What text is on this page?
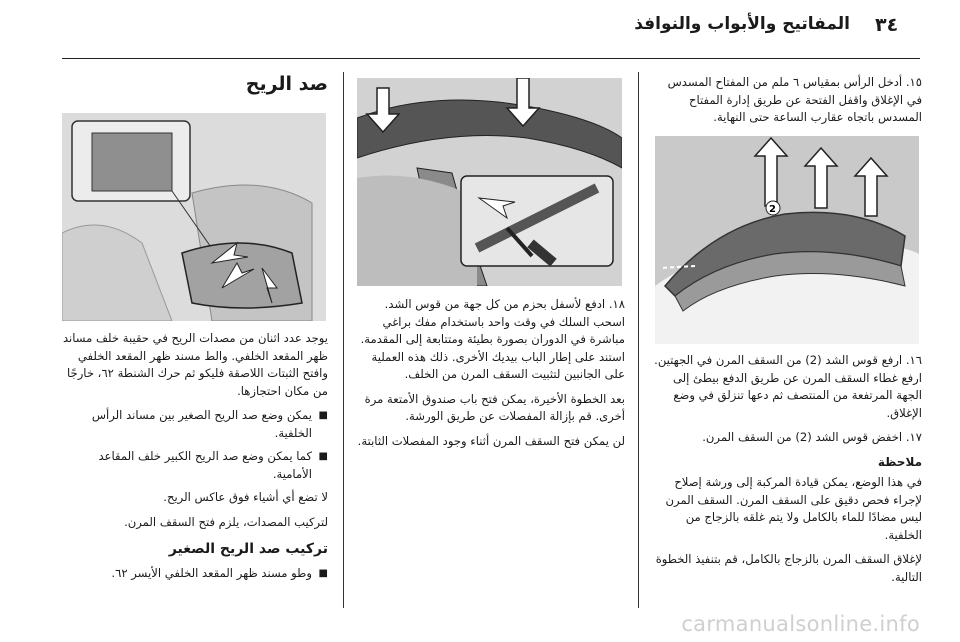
٣٤
المفاتيح والأبواب والنوافذ

١٥. أدخل الرأس بمقياس ٦ ملم من المفتاح المسدس في الإغلاق واقفل الفتحة عن طريق إدارة المفتاح المسدس باتجاه عقارب الساعة حتى النهاية.

2

١٦. ارفع قوس الشد (2) من السقف المرن في الجهتين. ارفع غطاء السقف المرن عن طريق الدفع بيطئ إلى الجهة المرتفعة من المنتصف ثم دعها تنزلق في وضع الإغلاق.

١٧. اخفض قوس الشد (2) من السقف المرن.

ملاحظة

في هذا الوضع، يمكن قيادة المركبة إلى ورشة إصلاح لإجراء فحص دقيق على السقف المرن. السقف المرن ليس مضادًا للماء بالكامل ولا يتم غلقه بالزجاج من الخلفية.

لإغلاق السقف المرن بالزجاج بالكامل، قم بتنفيذ الخطوة التالية.

١٨. ادفع لأسفل بحزم من كل جهة من قوس الشد. اسحب السلك في وقت واحد باستخدام مفك براغي مباشرة في الدوران بصورة بطيئة ومتتابعة إلى المقدمة. استند على إطار الباب بيديك الأخرى. ذلك هذه العملية على الجانبين لتثبيت السقف المرن من الخلف.

بعد الخطوة الأخيرة، يمكن فتح باب صندوق الأمتعة مرة أخرى. قم بإزالة المفصلات عن طريق الورشة.

لن يمكن فتح السقف المرن أثناء وجود المفصلات الثابتة.

صد الريح

يوجد عدد اثنان من مصدات الريح في حقيبة خلف مساند ظهر المقعد الخلفي. والط مسند ظهر المقعد الخلفي وافتح الثبتات اللاصقة فليكو ثم حرك الشنطة ٦٢، خارجًا من مكان احتجازها.

■
يمكن وضع صد الريح الصغير بين مساند الرأس الخلفية.
■
كما يمكن وضع صد الريح الكبير خلف المقاعد الأمامية.

لا تضع أي أشياء فوق عاكس الريح.

لتركيب المصدات، يلزم فتح السقف المرن.

تركيب صد الريح الصغير
■
وطو مسند ظهر المقعد الخلفي الأيسر ٦٢.
carmanualsonline.info
